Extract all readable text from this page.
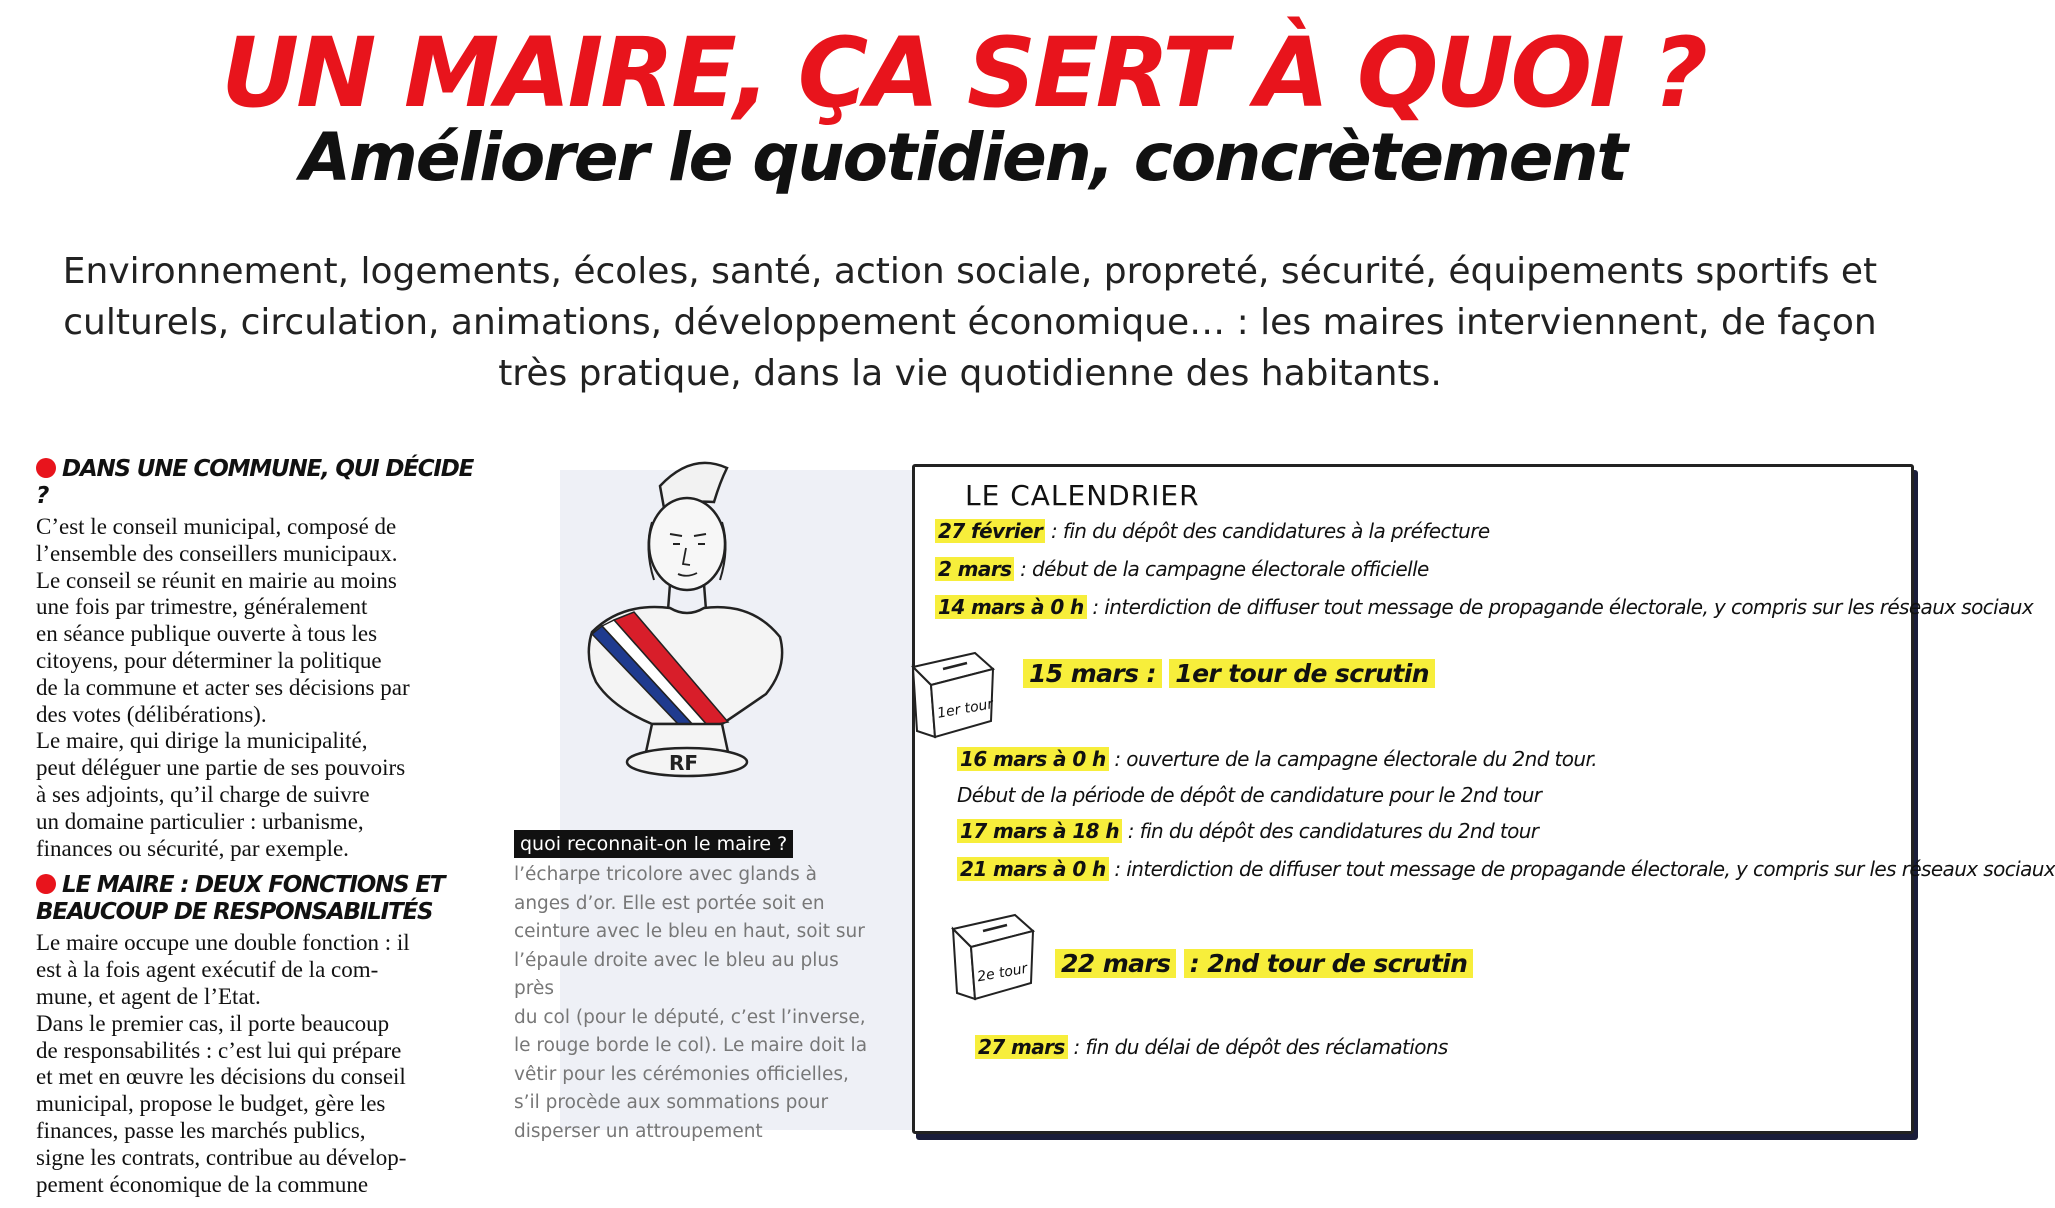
UN MAIRE, ÇA SERT À QUOI ?
Améliorer le quotidien, concrètement
Environnement, logements, écoles, santé, action sociale, propreté, sécurité, équipements sportifs et culturels, circulation, animations, développement économique… : les maires interviennent, de façon très pratique, dans la vie quotidienne des habitants.

DANS UNE COMMUNE, QUI DÉCIDE ?

C’est le conseil municipal, composé de
l’ensemble des conseillers municipaux.
Le conseil se réunit en mairie au moins
une fois par trimestre, généralement
en séance publique ouverte à tous les
citoyens, pour déterminer la politique
de la commune et acter ses décisions par
des votes (délibérations).
Le maire, qui dirige la municipalité,
peut déléguer une partie de ses pouvoirs
à ses adjoints, qu’il charge de suivre
un domaine particulier : urbanisme,
finances ou sécurité, par exemple.

LE MAIRE : DEUX FONCTIONS ET BEAUCOUP DE RESPONSABILITÉS

Le maire occupe une double fonction : il
est à la fois agent exécutif de la com-
mune, et agent de l’Etat.
Dans le premier cas, il porte beaucoup
de responsabilités : c’est lui qui prépare
et met en œuvre les décisions du conseil
municipal, propose le budget, gère les
finances, passe les marchés publics,
signe les contrats, contribue au dévelop-
pement économique de la commune
RF
quoi reconnait-on le maire ?
l’écharpe tricolore avec glands à
anges d’or. Elle est portée soit en
ceinture avec le bleu en haut, soit sur
l’épaule droite avec le bleu au plus près
du col (pour le député, c’est l’inverse,
le rouge borde le col). Le maire doit la
vêtir pour les cérémonies officielles,
s’il procède aux sommations pour
disperser un attroupement
LE CALENDRIER
27 février : fin du dépôt des candidatures à la préfecture
2 mars : début de la campagne électorale officielle
14 mars à 0 h : interdiction de diffuser tout message de propagande électorale, y compris sur les réseaux sociaux
1er tour
15 mars : 1er tour de scrutin
16 mars à 0 h : ouverture de la campagne électorale du 2nd tour.
Début de la période de dépôt de candidature pour le 2nd tour
17 mars à 18 h : fin du dépôt des candidatures du 2nd tour
21 mars à 0 h : interdiction de diffuser tout message de propagande électorale, y compris sur les réseaux sociaux
2e tour 22 mars : 2nd tour de scrutin
27 mars : fin du délai de dépôt des réclamations
